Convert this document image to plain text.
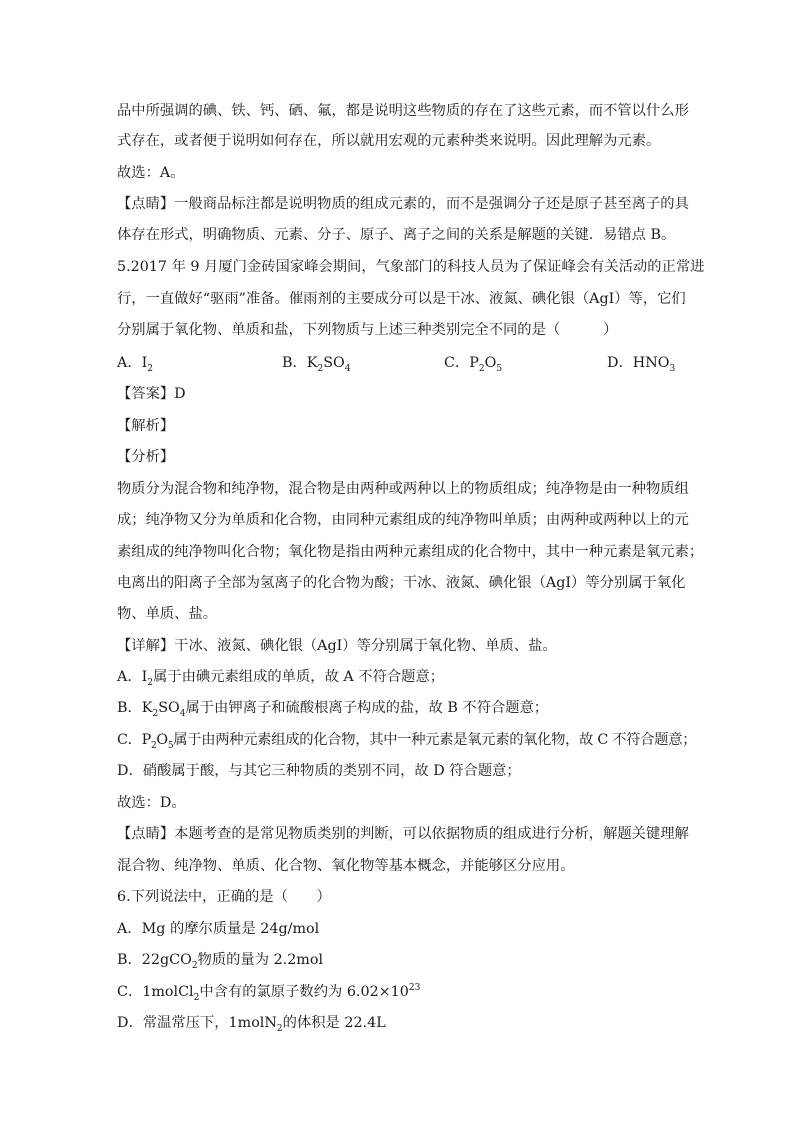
品中所强调的碘、铁、钙、硒、氟，都是说明这些物质的存在了这些元素，而不管以什么形
式存在，或者便于说明如何存在，所以就用宏观的元素种类来说明。因此理解为元素。
故选：A。
【点睛】一般商品标注都是说明物质的组成元素的，而不是强调分子还是原子甚至离子的具
体存在形式，明确物质、元素、分子、原子、离子之间的关系是解题的关键．易错点 B。
5.2017 年 9 月厦门金砖国家峰会期间，气象部门的科技人员为了保证峰会有关活动的正常进
行，一直做好“驱雨”准备。催雨剂的主要成分可以是干冰、液氮、碘化银（AgI）等，它们
分别属于氧化物、单质和盐，下列物质与上述三种类别完全不同的是（　　　）
A．$I_2$	B．$K_2SO_4$	C．$P_2O_5$	D．$HNO_3$
【答案】D
【解析】
【分析】
物质分为混合物和纯净物，混合物是由两种或两种以上的物质组成；纯净物是由一种物质组
成；纯净物又分为单质和化合物，由同种元素组成的纯净物叫单质；由两种或两种以上的元
素组成的纯净物叫化合物；氧化物是指由两种元素组成的化合物中，其中一种元素是氧元素；
电离出的阳离子全部为氢离子的化合物为酸；干冰、液氮、碘化银（AgI）等分别属于氧化
物、单质、盐。
【详解】干冰、液氮、碘化银（AgI）等分别属于氧化物、单质、盐。
A．$I_2$属于由碘元素组成的单质，故 A 不符合题意；
B．$K_2SO_4$属于由钾离子和硫酸根离子构成的盐，故 B 不符合题意；
C．$P_2O_5$属于由两种元素组成的化合物，其中一种元素是氧元素的氧化物，故 C 不符合题意；
D．硝酸属于酸，与其它三种物质的类别不同，故 D 符合题意；
故选：D。
【点睛】本题考查的是常见物质类别的判断，可以依据物质的组成进行分析，解题关键理解
混合物、纯净物、单质、化合物、氧化物等基本概念，并能够区分应用。
6.下列说法中，正确的是（　　）
A．Mg 的摩尔质量是 24g/mol
B．22gCO$_2$物质的量为 2.2mol
C．1molCl$_2$中含有的氯原子数约为 $6.02\times 10^{23}$
D．常温常压下，1molN$_2$的体积是 22.4L
